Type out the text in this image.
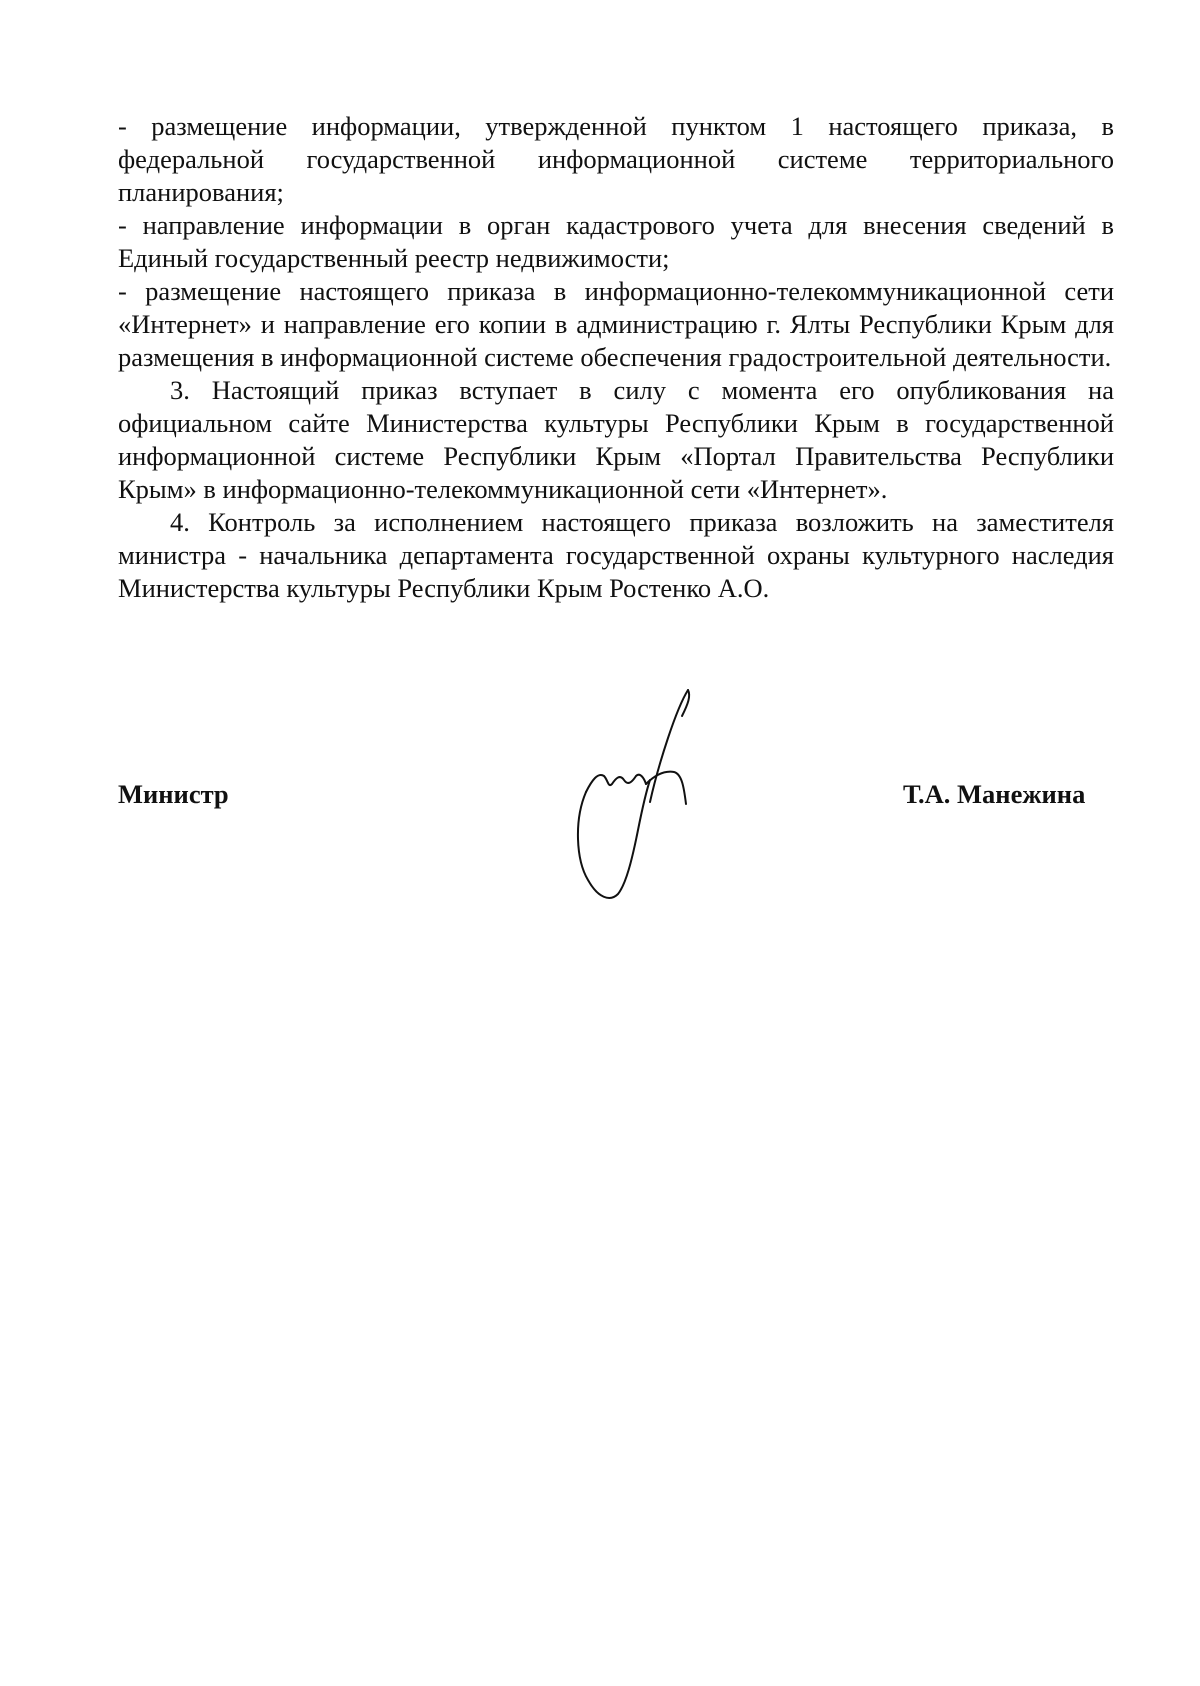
- размещение информации, утвержденной пунктом 1 настоящего приказа, в федеральной государственной информационной системе территориального планирования;

- направление информации в орган кадастрового учета для внесения сведений в Единый государственный реестр недвижимости;

- размещение настоящего приказа в информационно-телекоммуникационной сети «Интернет» и направление его копии в администрацию г. Ялты Республики Крым для размещения в информационной системе обеспечения градостроительной деятельности.

3. Настоящий приказ вступает в силу с момента его опубликования на официальном сайте Министерства культуры Республики Крым в государственной информационной системе Республики Крым «Портал Правительства Республики Крым» в информационно-телекоммуникационной сети «Интернет».

4. Контроль за исполнением настоящего приказа возложить на заместителя министра - начальника департамента государственной охраны культурного наследия Министерства культуры Республики Крым Ростенко А.О.

Министр	Т.А. Манежина
